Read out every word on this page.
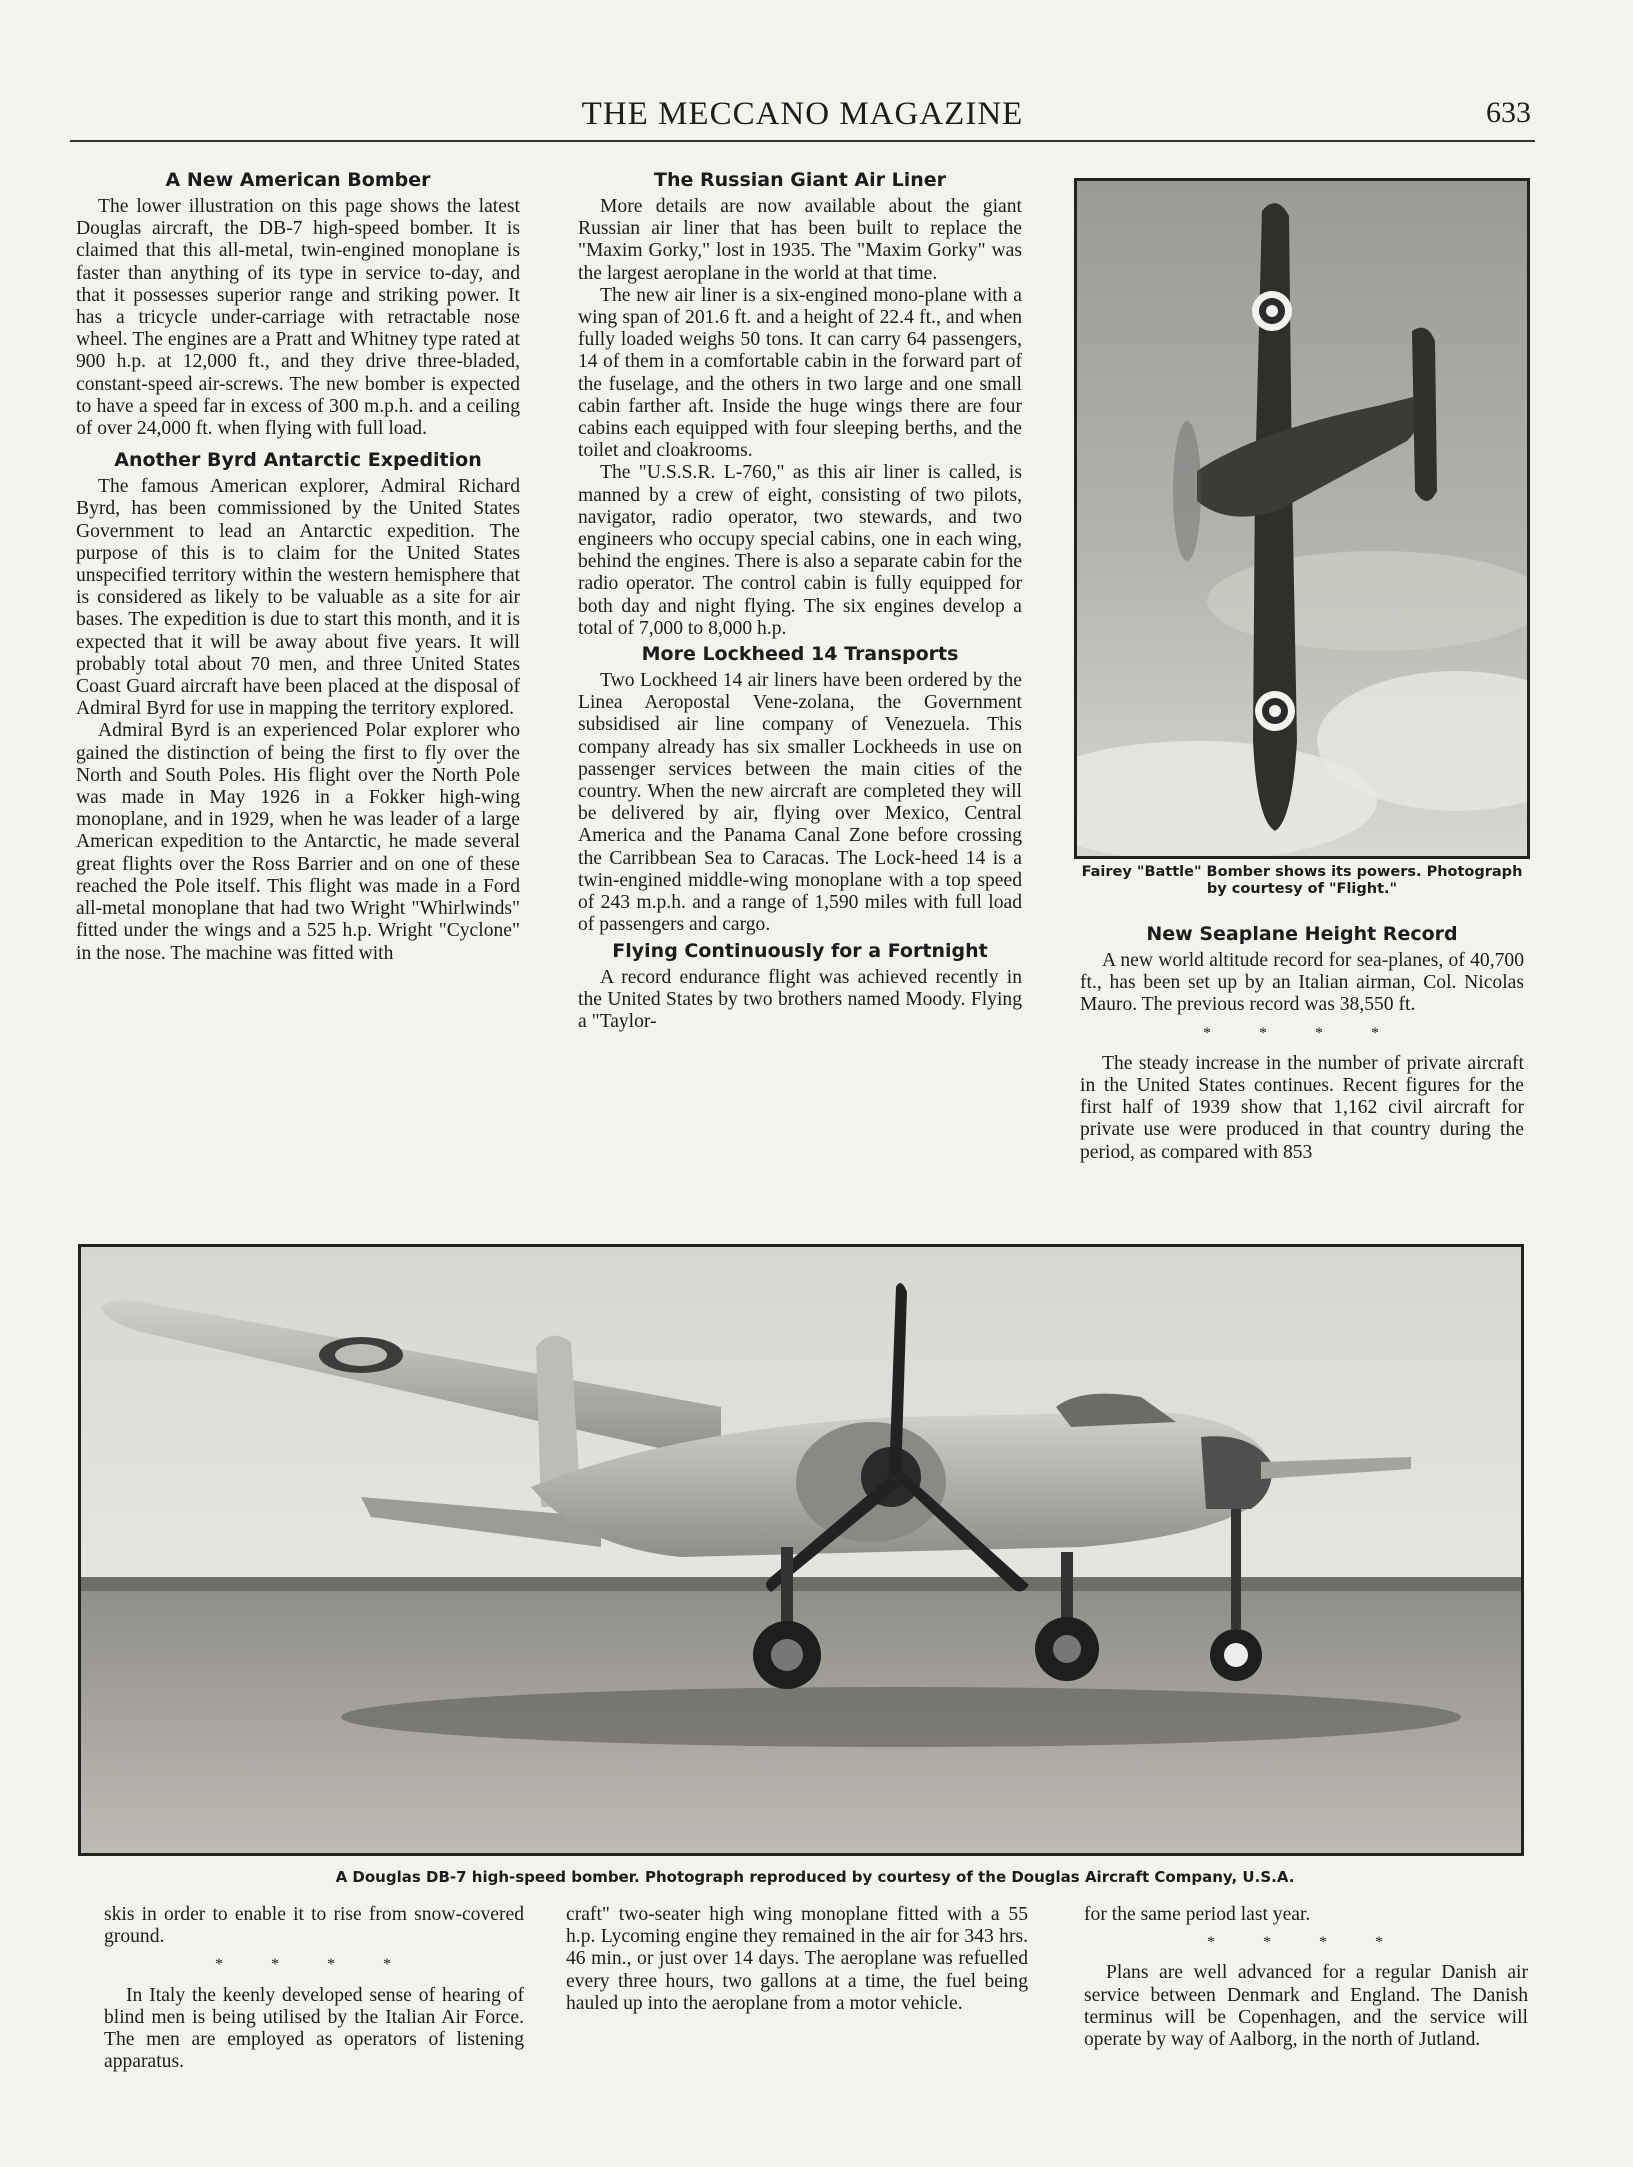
THE MECCANO MAGAZINE	633
A New American Bomber

The lower illustration on this page shows the latest Douglas aircraft, the DB-7 high-speed bomber. It is claimed that this all-metal, twin-engined monoplane is faster than anything of its type in service to-day, and that it possesses superior range and striking power. It has a tricycle under-carriage with retractable nose wheel. The engines are a Pratt and Whitney type rated at 900 h.p. at 12,000 ft., and they drive three-bladed, constant-speed air-screws. The new bomber is expected to have a speed far in excess of 300 m.p.h. and a ceiling of over 24,000 ft. when flying with full load.

Another Byrd Antarctic Expedition

The famous American explorer, Admiral Richard Byrd, has been commissioned by the United States Government to lead an Antarctic expedition. The purpose of this is to claim for the United States unspecified territory within the western hemisphere that is considered as likely to be valuable as a site for air bases. The expedition is due to start this month, and it is expected that it will be away about five years. It will probably total about 70 men, and three United States Coast Guard aircraft have been placed at the disposal of Admiral Byrd for use in mapping the territory explored.

Admiral Byrd is an experienced Polar explorer who gained the distinction of being the first to fly over the North and South Poles. His flight over the North Pole was made in May 1926 in a Fokker high-wing monoplane, and in 1929, when he was leader of a large American expedition to the Antarctic, he made several great flights over the Ross Barrier and on one of these reached the Pole itself. This flight was made in a Ford all-metal monoplane that had two Wright "Whirlwinds" fitted under the wings and a 525 h.p. Wright "Cyclone" in the nose. The machine was fitted with

The Russian Giant Air Liner

More details are now available about the giant Russian air liner that has been built to replace the "Maxim Gorky," lost in 1935. The "Maxim Gorky" was the largest aeroplane in the world at that time.

The new air liner is a six-engined mono-plane with a wing span of 201.6 ft. and a height of 22.4 ft., and when fully loaded weighs 50 tons. It can carry 64 passengers, 14 of them in a comfortable cabin in the forward part of the fuselage, and the others in two large and one small cabin farther aft. Inside the huge wings there are four cabins each equipped with four sleeping berths, and the toilet and cloakrooms.

The "U.S.S.R. L-760," as this air liner is called, is manned by a crew of eight, consisting of two pilots, navigator, radio operator, two stewards, and two engineers who occupy special cabins, one in each wing, behind the engines. There is also a separate cabin for the radio operator. The control cabin is fully equipped for both day and night flying. The six engines develop a total of 7,000 to 8,000 h.p.

More Lockheed 14 Transports

Two Lockheed 14 air liners have been ordered by the Linea Aeropostal Vene-zolana, the Government subsidised air line company of Venezuela. This company already has six smaller Lockheeds in use on passenger services between the main cities of the country. When the new aircraft are completed they will be delivered by air, flying over Mexico, Central America and the Panama Canal Zone before crossing the Carribbean Sea to Caracas. The Lock-heed 14 is a twin-engined middle-wing monoplane with a top speed of 243 m.p.h. and a range of 1,590 miles with full load of passengers and cargo.

Flying Continuously for a Fortnight

A record endurance flight was achieved recently in the United States by two brothers named Moody. Flying a "Taylor-

Fairey "Battle" Bomber shows its powers. Photograph by courtesy of "Flight."
New Seaplane Height Record

A new world altitude record for sea-planes, of 40,700 ft., has been set up by an Italian airman, Col. Nicolas Mauro. The previous record was 38,550 ft.

* * * *

The steady increase in the number of private aircraft in the United States continues. Recent figures for the first half of 1939 show that 1,162 civil aircraft for private use were produced in that country during the period, as compared with 853

A Douglas DB-7 high-speed bomber. Photograph reproduced by courtesy of the Douglas Aircraft Company, U.S.A.

skis in order to enable it to rise from snow-covered ground.

* * * *

In Italy the keenly developed sense of hearing of blind men is being utilised by the Italian Air Force. The men are employed as operators of listening apparatus.

craft" two-seater high wing monoplane fitted with a 55 h.p. Lycoming engine they remained in the air for 343 hrs. 46 min., or just over 14 days. The aeroplane was refuelled every three hours, two gallons at a time, the fuel being hauled up into the aeroplane from a motor vehicle.

for the same period last year.

* * * *

Plans are well advanced for a regular Danish air service between Denmark and England. The Danish terminus will be Copenhagen, and the service will operate by way of Aalborg, in the north of Jutland.
